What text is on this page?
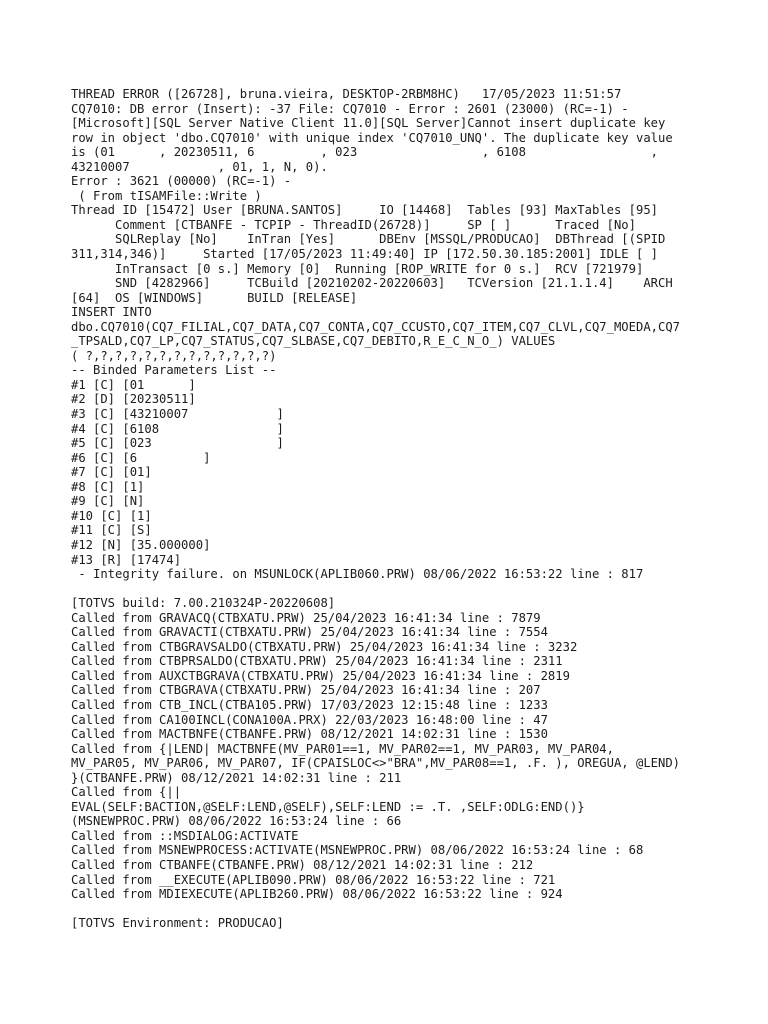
THREAD ERROR ([26728], bruna.vieira, DESKTOP-2RBM8HC)   17/05/2023 11:51:57
CQ7010: DB error (Insert): -37 File: CQ7010 - Error : 2601 (23000) (RC=-1) -
[Microsoft][SQL Server Native Client 11.0][SQL Server]Cannot insert duplicate key
row in object 'dbo.CQ7010' with unique index 'CQ7010_UNQ'. The duplicate key value
is (01      , 20230511, 6         , 023                 , 6108                 ,
43210007            , 01, 1, N, 0).
Error : 3621 (00000) (RC=-1) -
( From tISAMFile::Write )
Thread ID [15472] User [BRUNA.SANTOS]     IO [14468]  Tables [93] MaxTables [95]
Comment [CTBANFE - TCPIP - ThreadID(26728)]     SP [ ]      Traced [No]
SQLReplay [No]    InTran [Yes]      DBEnv [MSSQL/PRODUCAO]  DBThread [(SPID
311,314,346)]     Started [17/05/2023 11:49:40] IP [172.50.30.185:2001] IDLE [ ]
InTransact [0 s.] Memory [0]  Running [ROP_WRITE for 0 s.]  RCV [721979]
SND [4282966]     TCBuild [20210202-20220603]   TCVersion [21.1.1.4]    ARCH
[64]  OS [WINDOWS]      BUILD [RELEASE]
INSERT INTO
dbo.CQ7010(CQ7_FILIAL,CQ7_DATA,CQ7_CONTA,CQ7_CCUSTO,CQ7_ITEM,CQ7_CLVL,CQ7_MOEDA,CQ7
_TPSALD,CQ7_LP,CQ7_STATUS,CQ7_SLBASE,CQ7_DEBITO,R_E_C_N_O_) VALUES
( ?,?,?,?,?,?,?,?,?,?,?,?,?)
-- Binded Parameters List --
#1 [C] [01      ]
#2 [D] [20230511]
#3 [C] [43210007            ]
#4 [C] [6108                ]
#5 [C] [023                 ]
#6 [C] [6         ]
#7 [C] [01]
#8 [C] [1]
#9 [C] [N]
#10 [C] [1]
#11 [C] [S]
#12 [N] [35.000000]
#13 [R] [17474]
- Integrity failure. on MSUNLOCK(APLIB060.PRW) 08/06/2022 16:53:22 line : 817
[TOTVS build: 7.00.210324P-20220608]
Called from GRAVACQ(CTBXATU.PRW) 25/04/2023 16:41:34 line : 7879
Called from GRAVACTI(CTBXATU.PRW) 25/04/2023 16:41:34 line : 7554
Called from CTBGRAVSALDO(CTBXATU.PRW) 25/04/2023 16:41:34 line : 3232
Called from CTBPRSALDO(CTBXATU.PRW) 25/04/2023 16:41:34 line : 2311
Called from AUXCTBGRAVA(CTBXATU.PRW) 25/04/2023 16:41:34 line : 2819
Called from CTBGRAVA(CTBXATU.PRW) 25/04/2023 16:41:34 line : 207
Called from CTB_INCL(CTBA105.PRW) 17/03/2023 12:15:48 line : 1233
Called from CA100INCL(CONA100A.PRX) 22/03/2023 16:48:00 line : 47
Called from MACTBNFE(CTBANFE.PRW) 08/12/2021 14:02:31 line : 1530
Called from {|LEND| MACTBNFE(MV_PAR01==1, MV_PAR02==1, MV_PAR03, MV_PAR04,
MV_PAR05, MV_PAR06, MV_PAR07, IF(CPAISLOC<>"BRA",MV_PAR08==1, .F. ), OREGUA, @LEND)
}(CTBANFE.PRW) 08/12/2021 14:02:31 line : 211
Called from {||
EVAL(SELF:BACTION,@SELF:LEND,@SELF),SELF:LEND := .T. ,SELF:ODLG:END()}
(MSNEWPROC.PRW) 08/06/2022 16:53:24 line : 66
Called from ::MSDIALOG:ACTIVATE
Called from MSNEWPROCESS:ACTIVATE(MSNEWPROC.PRW) 08/06/2022 16:53:24 line : 68
Called from CTBANFE(CTBANFE.PRW) 08/12/2021 14:02:31 line : 212
Called from __EXECUTE(APLIB090.PRW) 08/06/2022 16:53:22 line : 721
Called from MDIEXECUTE(APLIB260.PRW) 08/06/2022 16:53:22 line : 924
[TOTVS Environment: PRODUCAO]
